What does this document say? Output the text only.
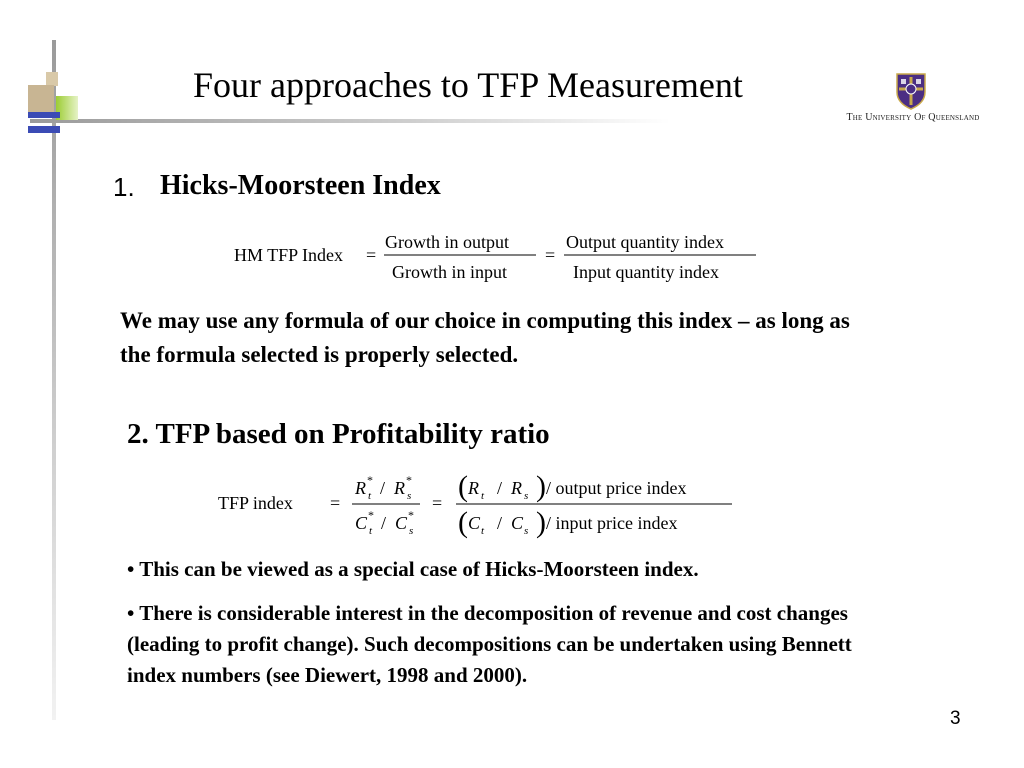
Four approaches to TFP Measurement
The University Of Queensland
1. Hicks-Moorsteen Index
HM TFP Index =
Growth in output
Growth in input
=
Output quantity index
Input quantity index
We may use any formula of our choice in computing this index – as long as the formula selected is properly selected.
2. TFP based on Profitability ratio
TFP index =
R *
t / R *
s
C *
t / C *
s
= ( R t / R s ) / output price index
( C t / C s ) / input price index
• This can be viewed as a special case of Hicks-Moorsteen index.
• There is considerable interest in the decomposition of revenue and cost changes (leading to profit change). Such decompositions can be undertaken using Bennett index numbers (see Diewert, 1998 and 2000).
3
